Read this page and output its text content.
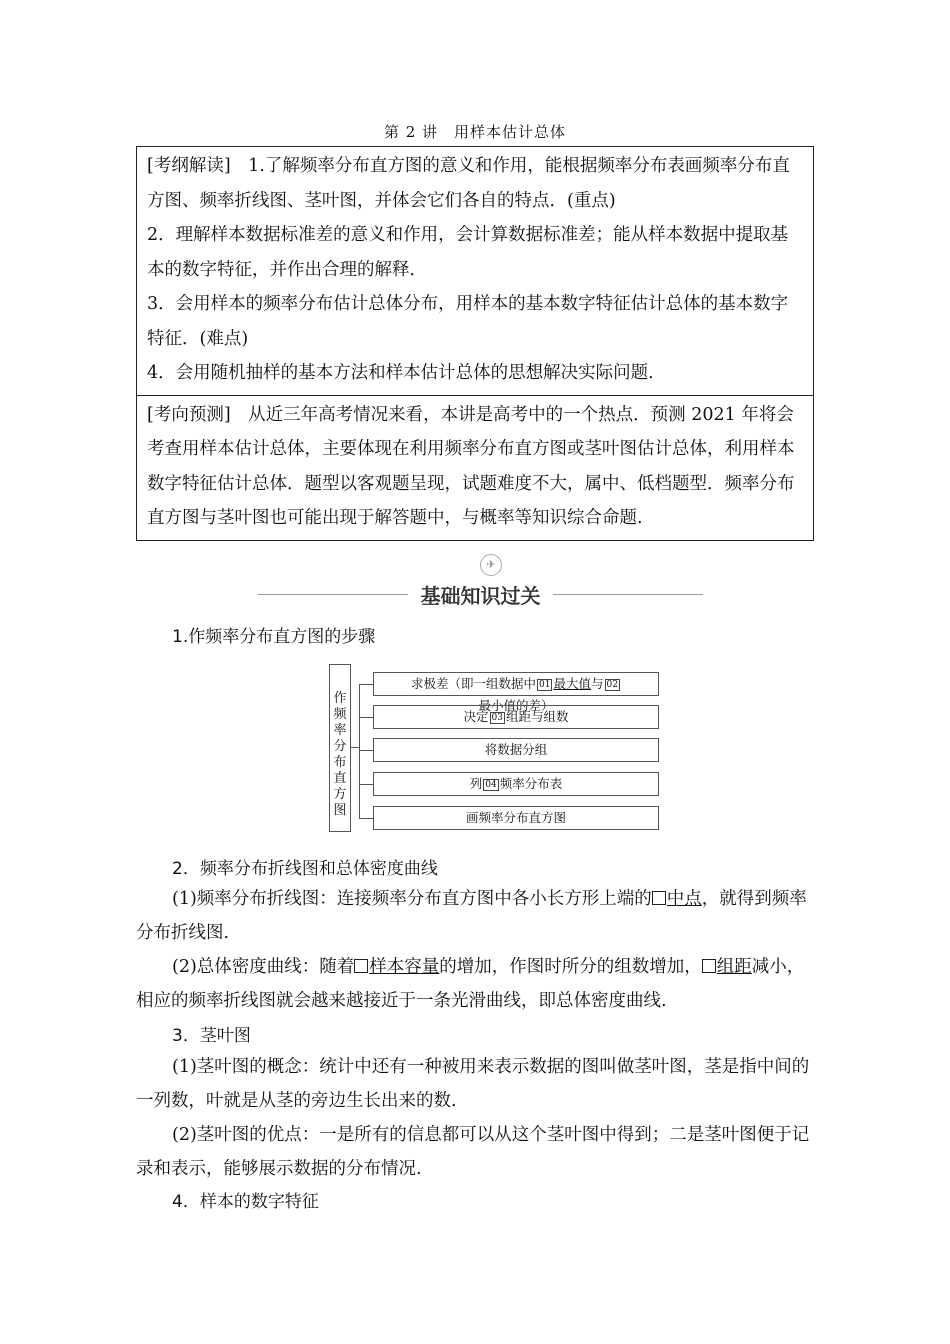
第 2 讲　用样本估计总体

[考纲解读]　 1.了解频率分布直方图的意义和作用，能根据频率分布表画频率分布直方图、频率折线图、茎叶图，并体会它们各自的特点．(重点)

2．理解样本数据标准差的意义和作用，会计算数据标准差；能从样本数据中提取基本的数字特征，并作出合理的解释．

3．会用样本的频率分布估计总体分布，用样本的基本数字特征估计总体的基本数字特征．(难点)

4．会用随机抽样的基本方法和样本估计总体的思想解决实际问题．

[考向预测]　 从近三年高考情况来看，本讲是高考中的一个热点．预测 2021 年将会考查用样本估计总体，主要体现在利用频率分布直方图或茎叶图估计总体，利用样本数字特征估计总体．题型以客观题呈现，试题难度不大，属中、低档题型．频率分布直方图与茎叶图也可能出现于解答题中，与概率等知识综合命题.

✈
基础知识过关
1.作频率分布直方图的步骤
作
频
率
分
布
直
方
图
求极差（即一组数据中 01 最大值与 02最小值的差）
决定 03 组距与组数
将数据分组
列 04 频率分布表
画频率分布直方图
2．频率分布折线图和总体密度曲线

(1)频率分布折线图：连接频率分布直方图中各小长方形上端的 中点，就得到频率分布折线图.

(2)总体密度曲线：随着 样本容量的增加，作图时所分的组数增加， 组距减小，相应的频率折线图就会越来越接近于一条光滑曲线，即总体密度曲线.

3．茎叶图

(1)茎叶图的概念：统计中还有一种被用来表示数据的图叫做茎叶图，茎是指中间的一列数，叶就是从茎的旁边生长出来的数.

(2)茎叶图的优点：一是所有的信息都可以从这个茎叶图中得到；二是茎叶图便于记录和表示，能够展示数据的分布情况.

4．样本的数字特征
